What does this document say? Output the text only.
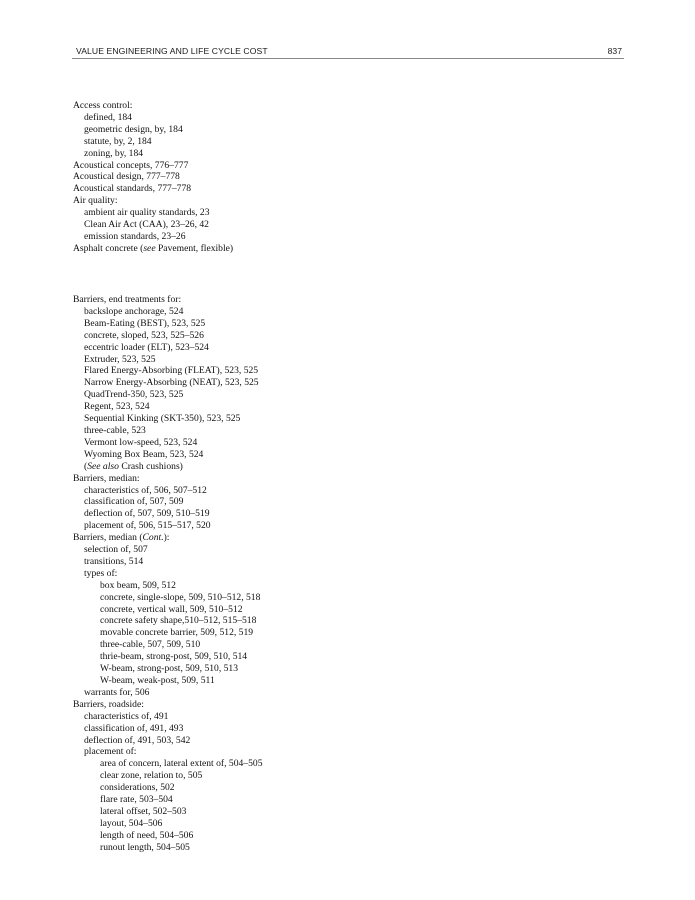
VALUE ENGINEERING AND LIFE CYCLE COST	837
Access control:
defined, 184
geometric design, by, 184
statute, by, 2, 184
zoning, by, 184
Acoustical concepts, 776–777
Acoustical design, 777–778
Acoustical standards, 777–778
Air quality:
ambient air quality standards, 23
Clean Air Act (CAA), 23–26, 42
emission standards, 23–26
Asphalt concrete (see Pavement, flexible)
Barriers, end treatments for:
backslope anchorage, 524
Beam-Eating (BEST), 523, 525
concrete, sloped, 523, 525–526
eccentric loader (ELT), 523–524
Extruder, 523, 525
Flared Energy-Absorbing (FLEAT), 523, 525
Narrow Energy-Absorbing (NEAT), 523, 525
QuadTrend-350, 523, 525
Regent, 523, 524
Sequential Kinking (SKT-350), 523, 525
three-cable, 523
Vermont low-speed, 523, 524
Wyoming Box Beam, 523, 524
(See also Crash cushions)
Barriers, median:
characteristics of, 506, 507–512
classification of, 507, 509
deflection of, 507, 509, 510–519
placement of, 506, 515–517, 520
Barriers, median (Cont.):
selection of, 507
transitions, 514
types of:
box beam, 509, 512
concrete, single-slope, 509, 510–512, 518
concrete, vertical wall, 509, 510–512
concrete safety shape,510–512, 515–518
movable concrete barrier, 509, 512, 519
three-cable, 507, 509, 510
thrie-beam, strong-post, 509, 510, 514
W-beam, strong-post, 509, 510, 513
W-beam, weak-post, 509, 511
warrants for, 506
Barriers, roadside:
characteristics of, 491
classification of, 491, 493
deflection of, 491, 503, 542
placement of:
area of concern, lateral extent of, 504–505
clear zone, relation to, 505
considerations, 502
flare rate, 503–504
lateral offset, 502–503
layout, 504–506
length of need, 504–506
runout length, 504–505
